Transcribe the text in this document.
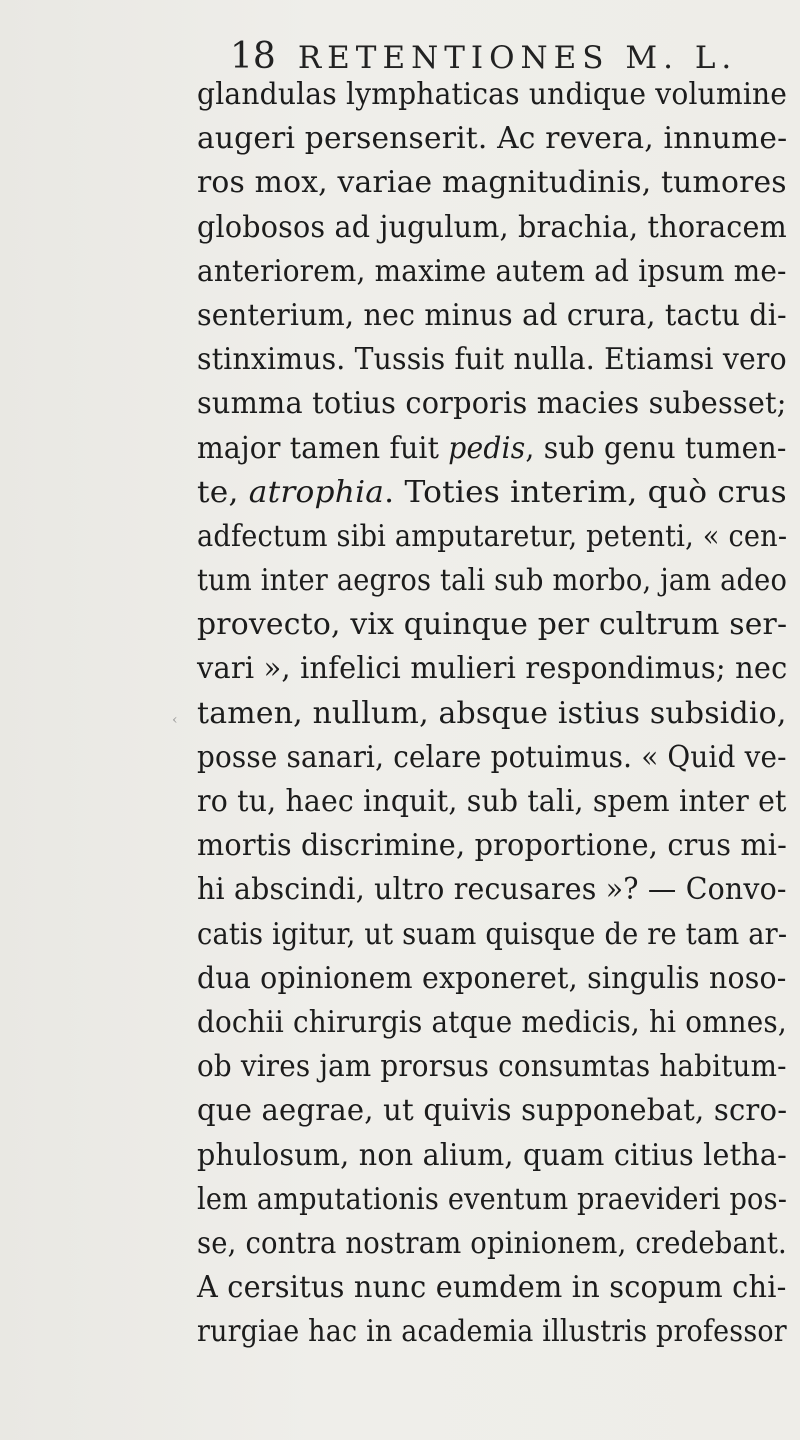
18 RETENTIONES M. L.
‹
glandulas lymphaticas undique volumine
augeri persenserit. Ac revera, innume-
ros mox, variae magnitudinis, tumores
globosos ad jugulum, brachia, thoracem
anteriorem, maxime autem ad ipsum me-
senterium, nec minus ad crura, tactu di-
stinximus. Tussis fuit nulla. Etiamsi vero
summa totius corporis macies subesset;
major tamen fuit pedis, sub genu tumen-
te, atrophia. Toties interim, quò crus
adfectum sibi amputaretur, petenti, « cen-
tum inter aegros tali sub morbo, jam adeo
provecto, vix quinque per cultrum ser-
vari », infelici mulieri respondimus; nec
tamen, nullum, absque istius subsidio,
posse sanari, celare potuimus. « Quid ve-
ro tu, haec inquit, sub tali, spem inter et
mortis discrimine, proportione, crus mi-
hi abscindi, ultro recusares »? — Convo-
catis igitur, ut suam quisque de re tam ar-
dua opinionem exponeret, singulis noso-
dochii chirurgis atque medicis, hi omnes,
ob vires jam prorsus consumtas habitum-
que aegrae, ut quivis supponebat, scro-
phulosum, non alium, quam citius letha-
lem amputationis eventum praevideri pos-
se, contra nostram opinionem, credebant.
A cersitus nunc eumdem in scopum chi-
rurgiae hac in academia illustris professor
